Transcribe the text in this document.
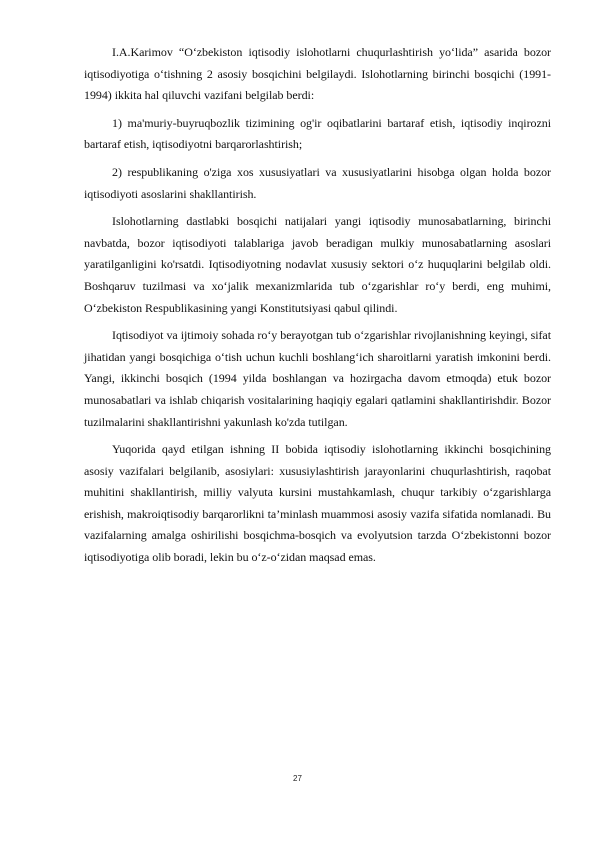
I.A.Karimov “O‘zbekiston iqtisodiy islohotlarni chuqurlashtirish yo‘lida” asarida bozor iqtisodiyotiga o‘tishning 2 asosiy bosqichini belgilaydi. Islohotlarning birinchi bosqichi (1991-1994) ikkita hal qiluvchi vazifani belgilab berdi:

1) ma'muriy-buyruqbozlik tizimining og'ir oqibatlarini bartaraf etish, iqtisodiy inqirozni bartaraf etish, iqtisodiyotni barqarorlashtirish;

2) respublikaning o'ziga xos xususiyatlari va xususiyatlarini hisobga olgan holda bozor iqtisodiyoti asoslarini shakllantirish.

Islohotlarning dastlabki bosqichi natijalari yangi iqtisodiy munosabatlarning, birinchi navbatda, bozor iqtisodiyoti talablariga javob beradigan mulkiy munosabatlarning asoslari yaratilganligini ko'rsatdi. Iqtisodiyotning nodavlat xususiy sektori o‘z huquqlarini belgilab oldi. Boshqaruv tuzilmasi va xo‘jalik mexanizmlarida tub o‘zgarishlar ro‘y berdi, eng muhimi, O‘zbekiston Respublikasining yangi Konstitutsiyasi qabul qilindi.

Iqtisodiyot va ijtimoiy sohada ro‘y berayotgan tub o‘zgarishlar rivojlanishning keyingi, sifat jihatidan yangi bosqichiga o‘tish uchun kuchli boshlang‘ich sharoitlarni yaratish imkonini berdi. Yangi, ikkinchi bosqich (1994 yilda boshlangan va hozirgacha davom etmoqda) etuk bozor munosabatlari va ishlab chiqarish vositalarining haqiqiy egalari qatlamini shakllantirishdir. Bozor tuzilmalarini shakllantirishni yakunlash ko'zda tutilgan.

Yuqorida qayd etilgan ishning II bobida iqtisodiy islohotlarning ikkinchi bosqichining asosiy vazifalari belgilanib, asosiylari: xususiylashtirish jarayonlarini chuqurlashtirish, raqobat muhitini shakllantirish, milliy valyuta kursini mustahkamlash, chuqur tarkibiy o‘zgarishlarga erishish, makroiqtisodiy barqarorlikni ta’minlash muammosi asosiy vazifa sifatida nomlanadi. Bu vazifalarning amalga oshirilishi bosqichma-bosqich va evolyutsion tarzda O‘zbekistonni bozor iqtisodiyotiga olib boradi, lekin bu o‘z-o‘zidan maqsad emas.

27
